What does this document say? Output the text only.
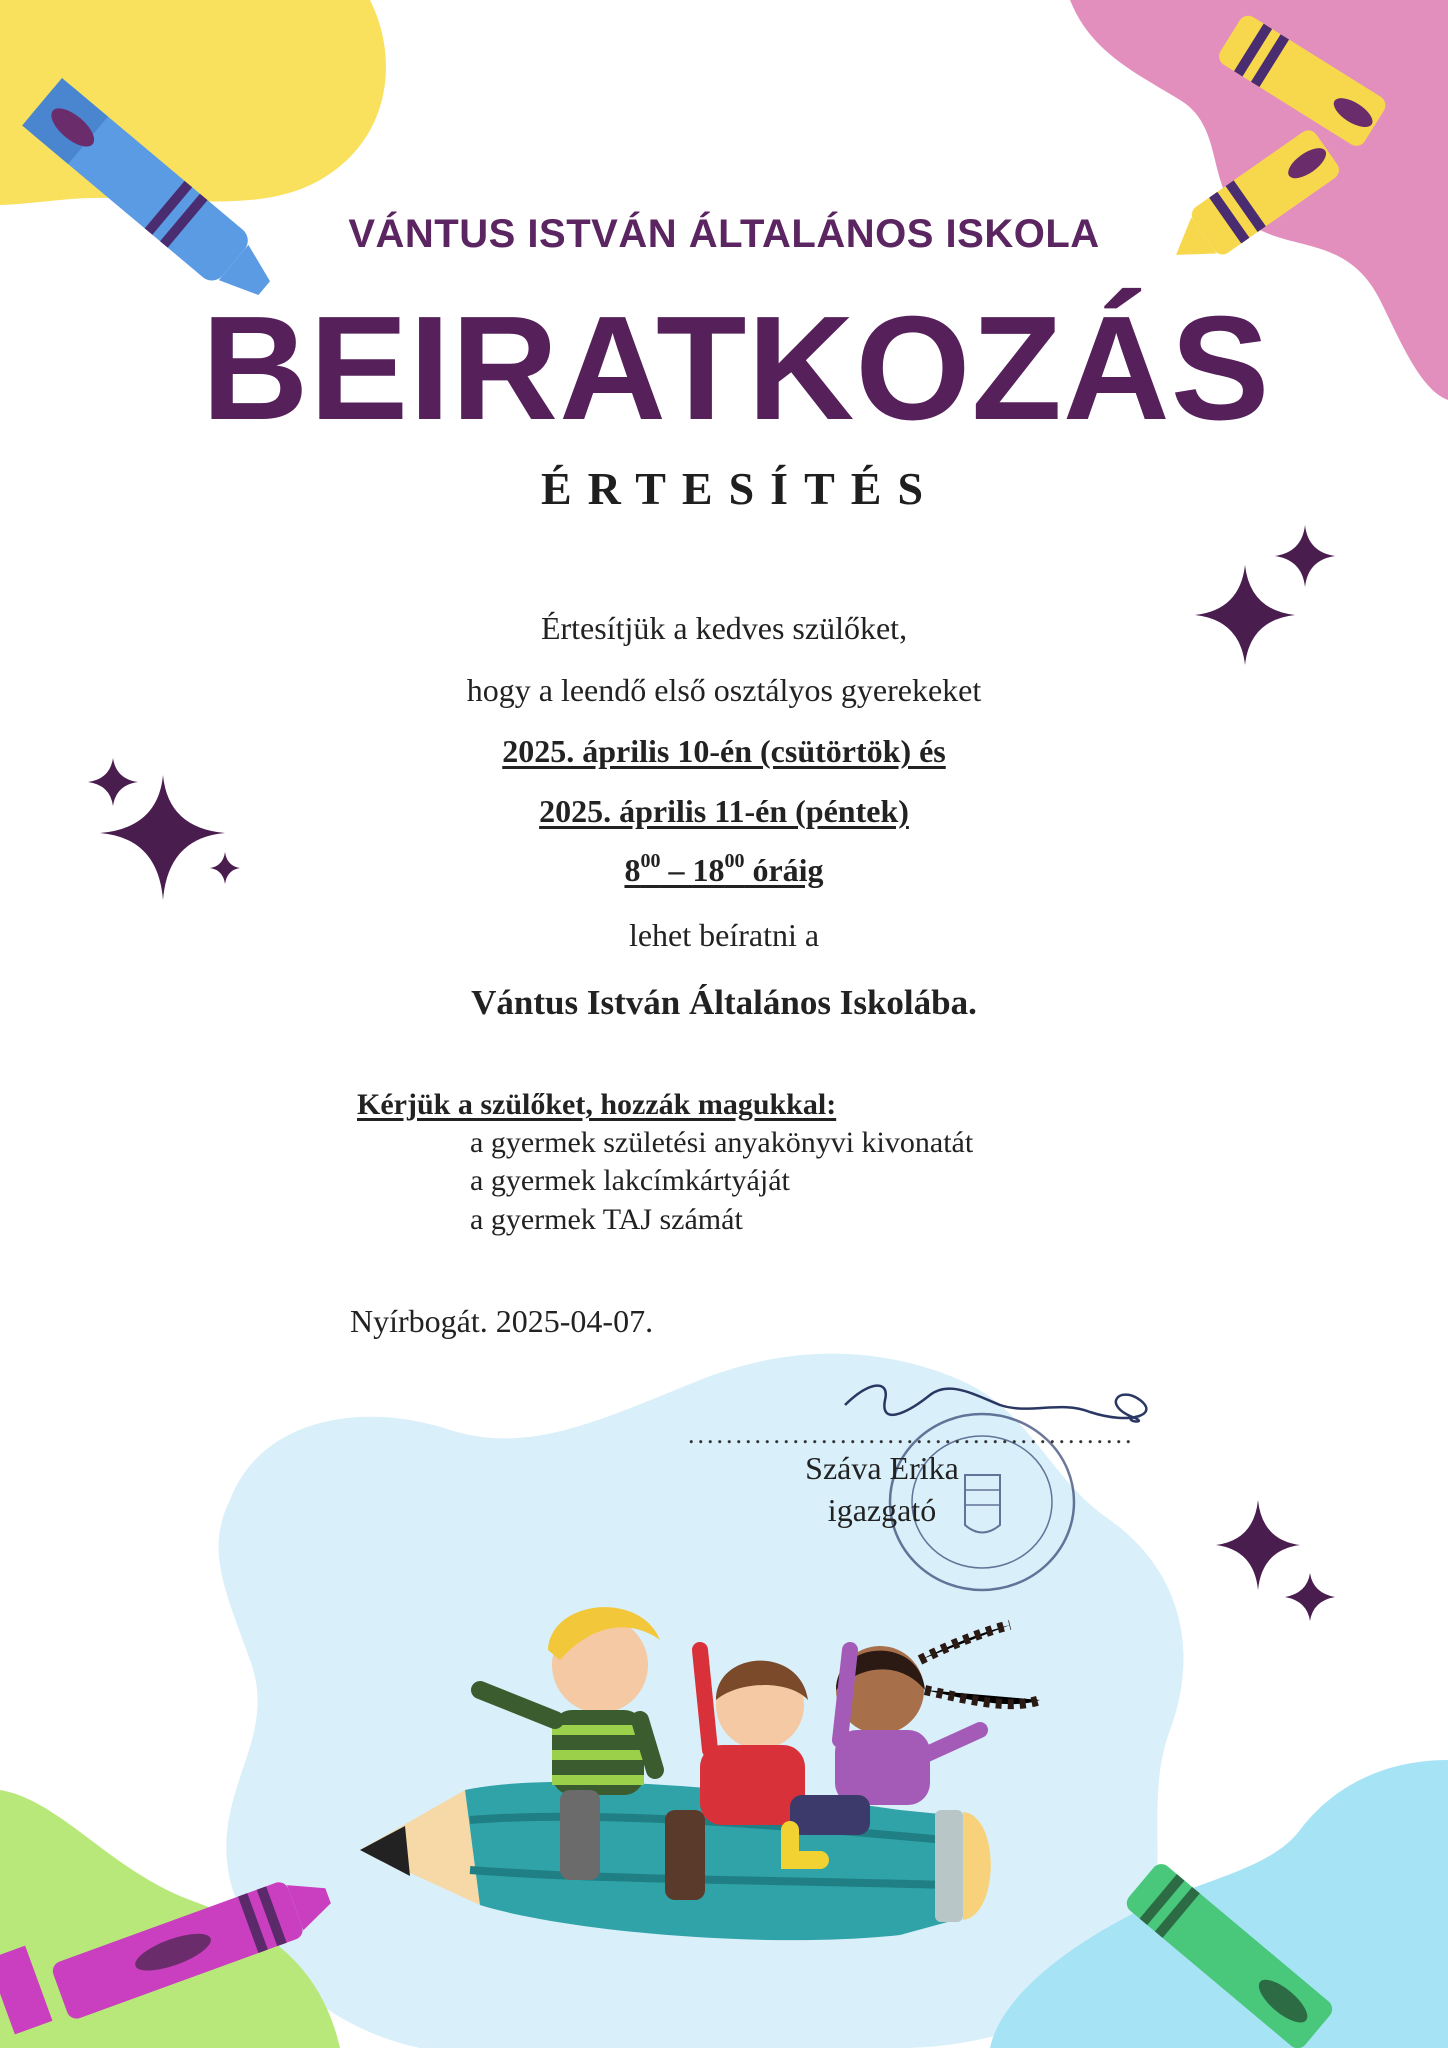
VÁNTUS ISTVÁN ÁLTALÁNOS ISKOLA
BEIRATKOZÁS
ÉRTESÍTÉS
Értesítjük a kedves szülőket,
hogy a leendő első osztályos gyerekeket
2025. április 10-én (csütörtök) és
2025. április 11-én (péntek)
$8^{00} - 18^{00}$ óráig
lehet beíratni a
Vántus István Általános Iskolába.
Kérjük a szülőket, hozzák magukkal:
a gyermek születési anyakönyvi kivonatát
a gyermek lakcímkártyáját
a gyermek TAJ számát
Nyírbogát. 2025-04-07.
...............................................
Száva Erika
igazgató
